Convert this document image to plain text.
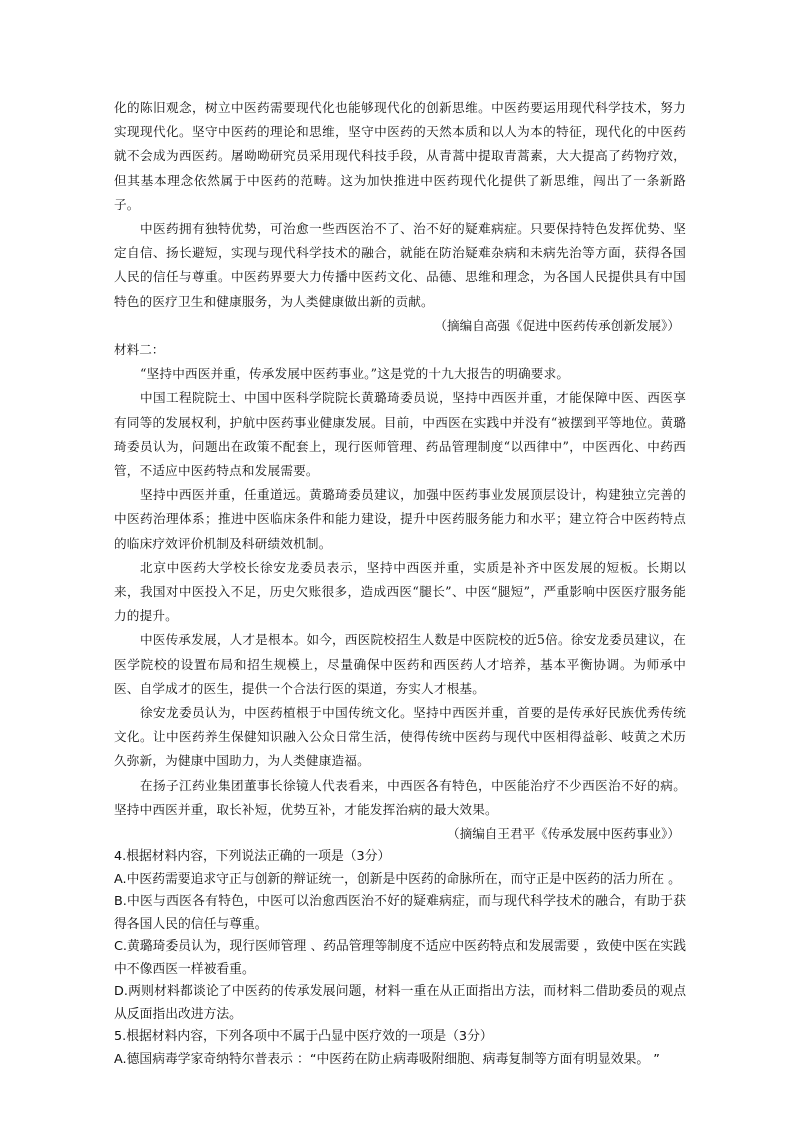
化的陈旧观念，树立中医药需要现代化也能够现代化的创新思维。中医药要运用现代科学技术，努力实现现代化。坚守中医药的理论和思维，坚守中医药的天然本质和以人为本的特征，现代化的中医药就不会成为西医药。屠呦呦研究员采用现代科技手段，从青蒿中提取青蒿素，大大提高了药物疗效，但其基本理念依然属于中医药的范畴。这为加快推进中医药现代化提供了新思维，闯出了一条新路子。

中医药拥有独特优势，可治愈一些西医治不了、治不好的疑难病症。只要保持特色发挥优势、坚定自信、扬长避短，实现与现代科学技术的融合，就能在防治疑难杂病和未病先治等方面，获得各国人民的信任与尊重。中医药界要大力传播中医药文化、品德、思维和理念，为各国人民提供具有中国特色的医疗卫生和健康服务，为人类健康做出新的贡献。

（摘编自高强《促进中医药传承创新发展》）

材料二：

“坚持中西医并重，传承发展中医药事业。”这是党的十九大报告的明确要求。

中国工程院院士、中国中医科学院院长黄璐琦委员说，坚持中西医并重，才能保障中医、西医享有同等的发展权利，护航中医药事业健康发展。目前，中西医在实践中并没有“被摆到平等地位。黄璐琦委员认为，问题出在政策不配套上，现行医师管理、药品管理制度“以西律中”，中医西化、中药西管，不适应中医药特点和发展需要。

坚持中西医并重，任重道远。黄璐琦委员建议，加强中医药事业发展顶层设计，构建独立完善的中医药治理体系；推进中医临床条件和能力建设，提升中医药服务能力和水平；建立符合中医药特点的临床疗效评价机制及科研绩效机制。

北京中医药大学校长徐安龙委员表示，坚持中西医并重，实质是补齐中医发展的短板。长期以来，我国对中医投入不足，历史欠账很多，造成西医“腿长”、中医“腿短”，严重影响中医医疗服务能力的提升。

中医传承发展，人才是根本。如今，西医院校招生人数是中医院校的近5倍。徐安龙委员建议，在医学院校的设置布局和招生规模上，尽量确保中医药和西医药人才培养，基本平衡协调。为师承中医、自学成才的医生，提供一个合法行医的渠道，夯实人才根基。

徐安龙委员认为，中医药植根于中国传统文化。坚持中西医并重，首要的是传承好民族优秀传统文化。让中医药养生保健知识融入公众日常生活，使得传统中医药与现代中医相得益彰、岐黄之术历久弥新，为健康中国助力，为人类健康造福。

在扬子江药业集团董事长徐镜人代表看来，中西医各有特色，中医能治疗不少西医治不好的病。坚持中西医并重，取长补短，优势互补，才能发挥治病的最大效果。

（摘编自王君平《传承发展中医药事业》）

4.根据材料内容，下列说法正确的一项是（3分）

A.中医药需要追求守正与创新的辩证统一，创新是中医药的命脉所在，而守正是中医药的活力所在 。

B.中医与西医各有特色，中医可以治愈西医治不好的疑难病症，而与现代科学技术的融合，有助于获得各国人民的信任与尊重。

C.黄璐琦委员认为，现行医师管理 、药品管理等制度不适应中医药特点和发展需要 ，致使中医在实践中不像西医一样被看重。

D.两则材料都谈论了中医药的传承发展问题，材料一重在从正面指出方法，而材料二借助委员的观点从反面指出改进方法。

5.根据材料内容，下列各项中不属于凸显中医疗效的一项是（3分）

A.德国病毒学家奇纳特尔普表示 ：“中医药在防止病毒吸附细胞、病毒复制等方面有明显效果。 ”
